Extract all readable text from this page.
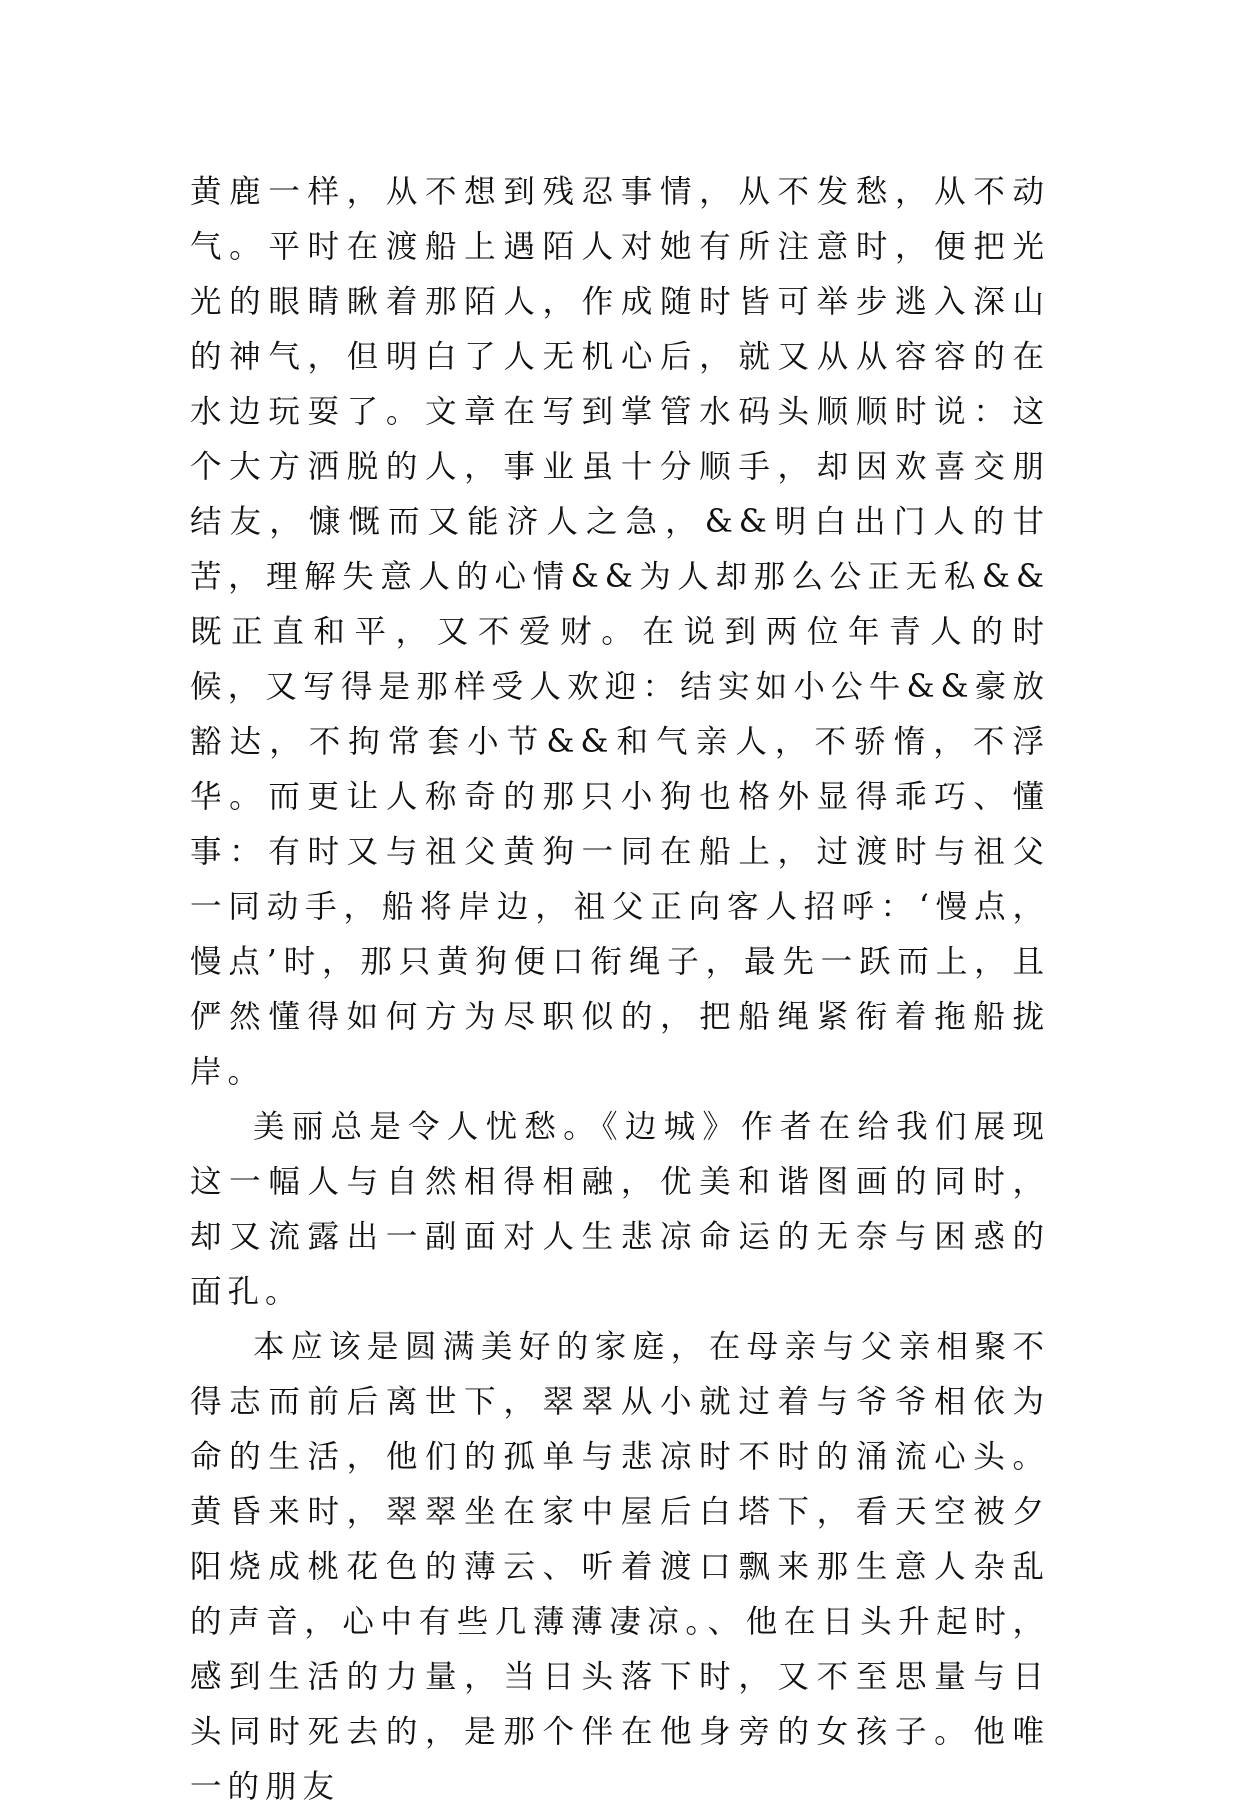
黄鹿一样，从不想到残忍事情，从不发愁，从不动气。平时在渡船上遇陌人对她有所注意时，便把光光的眼睛瞅着那陌人，作成随时皆可举步逃入深山的神气，但明白了人无机心后，就又从从容容的在水边玩耍了。文章在写到掌管水码头顺顺时说：这个大方洒脱的人，事业虽十分顺手，却因欢喜交朋结友，慷慨而又能济人之急，&&明白出门人的甘苦，理解失意人的心情&&为人却那么公正无私&&既正直和平，又不爱财。在说到两位年青人的时候，又写得是那样受人欢迎：结实如小公牛&&豪放豁达，不拘常套小节&&和气亲人，不骄惰，不浮华。而更让人称奇的那只小狗也格外显得乖巧、懂事：有时又与祖父黄狗一同在船上，过渡时与祖父一同动手，船将岸边，祖父正向客人招呼：‘慢点，慢点’时，那只黄狗便口衔绳子，最先一跃而上，且俨然懂得如何方为尽职似的，把船绳紧衔着拖船拢岸。

美丽总是令人忧愁。《边城》作者在给我们展现这一幅人与自然相得相融，优美和谐图画的同时，却又流露出一副面对人生悲凉命运的无奈与困惑的面孔。

本应该是圆满美好的家庭，在母亲与父亲相聚不得志而前后离世下，翠翠从小就过着与爷爷相依为命的生活，他们的孤单与悲凉时不时的涌流心头。黄昏来时，翠翠坐在家中屋后白塔下，看天空被夕阳烧成桃花色的薄云、听着渡口飘来那生意人杂乱的声音，心中有些几薄薄凄凉。、他在日头升起时，感到生活的力量，当日头落下时，又不至思量与日头同时死去的，是那个伴在他身旁的女孩子。他唯一的朋友
